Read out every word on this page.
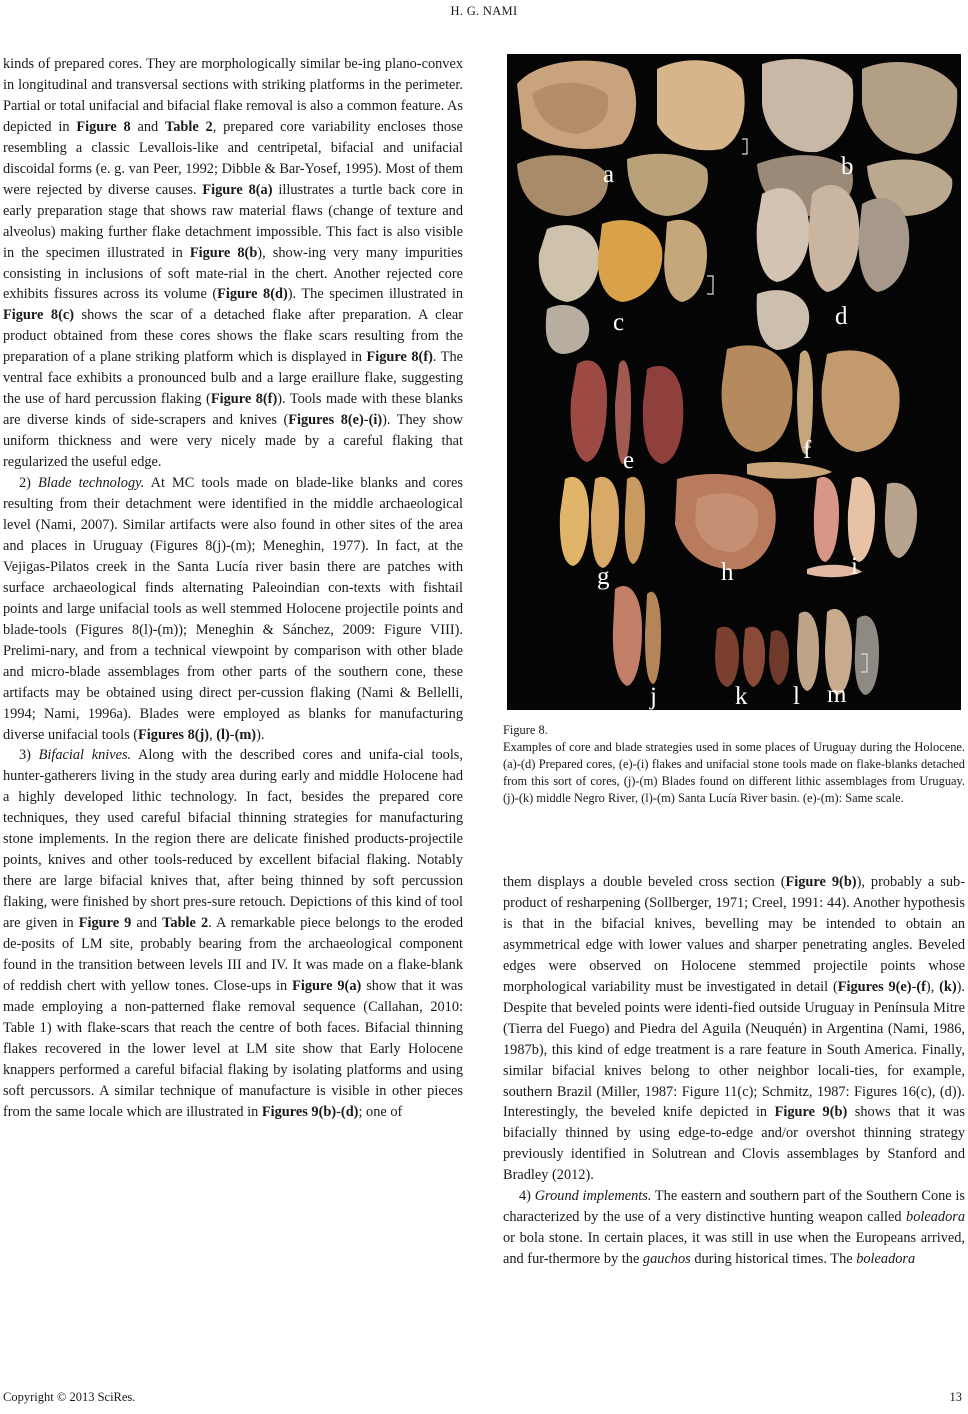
H. G. NAMI

kinds of prepared cores. They are morphologically similar be-ing plano-convex in longitudinal and transversal sections with striking platforms in the perimeter. Partial or total unifacial and bifacial flake removal is also a common feature. As depicted in Figure 8 and Table 2, prepared core variability encloses those resembling a classic Levallois-like and centripetal, bifacial and unifacial discoidal forms (e. g. van Peer, 1992; Dibble & Bar-Yosef, 1995). Most of them were rejected by diverse causes. Figure 8(a) illustrates a turtle back core in early preparation stage that shows raw material flaws (change of texture and alveolus) making further flake detachment impossible. This fact is also visible in the specimen illustrated in Figure 8(b), show-ing very many impurities consisting in inclusions of soft mate-rial in the chert. Another rejected core exhibits fissures across its volume (Figure 8(d)). The specimen illustrated in Figure 8(c) shows the scar of a detached flake after preparation. A clear product obtained from these cores shows the flake scars resulting from the preparation of a plane striking platform which is displayed in Figure 8(f). The ventral face exhibits a pronounced bulb and a large eraillure flake, suggesting the use of hard percussion flaking (Figure 8(f)). Tools made with these blanks are diverse kinds of side-scrapers and knives (Figures 8(e)-(i)). They show uniform thickness and were very nicely made by a careful flaking that regularized the useful edge.

2) Blade technology. At MC tools made on blade-like blanks and cores resulting from their detachment were identified in the middle archaeological level (Nami, 2007). Similar artifacts were also found in other sites of the area and places in Uruguay (Figures 8(j)-(m); Meneghin, 1977). In fact, at the Vejigas-Pilatos creek in the Santa Lucía river basin there are patches with surface archaeological finds alternating Paleoindian con-texts with fishtail points and large unifacial tools as well stemmed Holocene projectile points and blade-tools (Figures 8(l)-(m)); Meneghin & Sánchez, 2009: Figure VIII). Prelimi-nary, and from a technical viewpoint by comparison with other blade and micro-blade assemblages from other parts of the southern cone, these artifacts may be obtained using direct per-cussion flaking (Nami & Bellelli, 1994; Nami, 1996a). Blades were employed as blanks for manufacturing diverse unifacial tools (Figures 8(j), (l)-(m)).

3) Bifacial knives. Along with the described cores and unifa-cial tools, hunter-gatherers living in the study area during early and middle Holocene had a highly developed lithic technology. In fact, besides the prepared core techniques, they used careful bifacial thinning strategies for manufacturing stone implements. In the region there are delicate finished products-projectile points, knives and other tools-reduced by excellent bifacial flaking. Notably there are large bifacial knives that, after being thinned by soft percussion flaking, were finished by short pres-sure retouch. Depictions of this kind of tool are given in Figure 9 and Table 2. A remarkable piece belongs to the eroded de-posits of LM site, probably bearing from the archaeological component found in the transition between levels III and IV. It was made on a flake-blank of reddish chert with yellow tones. Close-ups in Figure 9(a) show that it was made employing a non-patterned flake removal sequence (Callahan, 2010: Table 1) with flake-scars that reach the centre of both faces. Bifacial thinning flakes recovered in the lower level at LM site show that Early Holocene knappers performed a careful bifacial flaking by isolating platforms and using soft percussors. A similar technique of manufacture is visible in other pieces from the same locale which are illustrated in Figures 9(b)-(d); one of

a	b
c	d
e	f
g	h	i
j	k l m
Figure 8.
Examples of core and blade strategies used in some places of Uruguay during the Holocene. (a)-(d) Prepared cores, (e)-(i) flakes and unifacial stone tools made on flake-blanks detached from this sort of cores, (j)-(m) Blades found on different lithic assemblages from Uruguay. (j)-(k) middle Negro River, (l)-(m) Santa Lucía River basin. (e)-(m): Same scale.

them displays a double beveled cross section (Figure 9(b)), probably a sub-product of resharpening (Sollberger, 1971; Creel, 1991: 44). Another hypothesis is that in the bifacial knives, bevelling may be intended to obtain an asymmetrical edge with lower values and sharper penetrating angles. Beveled edges were observed on Holocene stemmed projectile points whose morphological variability must be investigated in detail (Figures 9(e)-(f), (k)). Despite that beveled points were identi-fied outside Uruguay in Península Mitre (Tierra del Fuego) and Piedra del Aguila (Neuquén) in Argentina (Nami, 1986, 1987b), this kind of edge treatment is a rare feature in South America. Finally, similar bifacial knives belong to other neighbor locali-ties, for example, southern Brazil (Miller, 1987: Figure 11(c); Schmitz, 1987: Figures 16(c), (d)). Interestingly, the beveled knife depicted in Figure 9(b) shows that it was bifacially thinned by using edge-to-edge and/or overshot thinning strategy previously identified in Solutrean and Clovis assemblages by Stanford and Bradley (2012).

4) Ground implements. The eastern and southern part of the Southern Cone is characterized by the use of a very distinctive hunting weapon called boleadora or bola stone. In certain places, it was still in use when the Europeans arrived, and fur-thermore by the gauchos during historical times. The boleadora

Copyright © 2013 SciRes.	13
